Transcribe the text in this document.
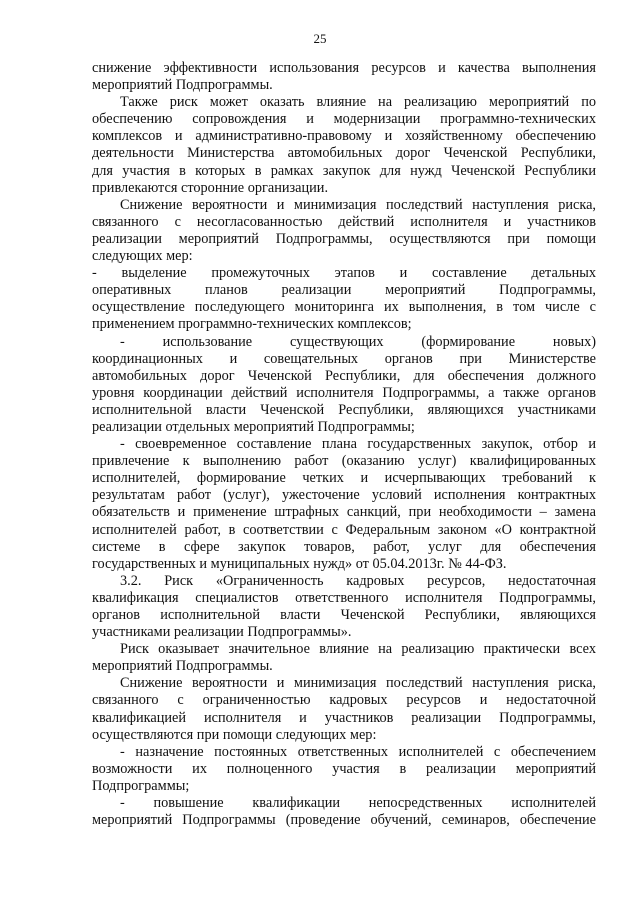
25
снижение эффективности использования ресурсов и качества выполнения
мероприятий Подпрограммы.
Также риск может оказать влияние на реализацию мероприятий по
обеспечению сопровождения и модернизации программно-технических
комплексов и административно-правовому и хозяйственному обеспечению
деятельности Министерства автомобильных дорог Чеченской Республики,
для участия в которых в рамках закупок для нужд Чеченской Республики
привлекаются сторонние организации.
Снижение вероятности и минимизация последствий наступления риска,
связанного с несогласованностью действий исполнителя и участников
реализации мероприятий Подпрограммы, осуществляются при помощи
следующих мер:
- выделение промежуточных этапов и составление детальных
оперативных планов реализации мероприятий Подпрограммы,
осуществление последующего мониторинга их выполнения, в том числе с
применением программно-технических комплексов;
- использование существующих (формирование новых)
координационных и совещательных органов при Министерстве
автомобильных дорог Чеченской Республики, для обеспечения должного
уровня координации действий исполнителя Подпрограммы, а также органов
исполнительной власти Чеченской Республики, являющихся участниками
реализации отдельных мероприятий Подпрограммы;
- своевременное составление плана государственных закупок, отбор и
привлечение к выполнению работ (оказанию услуг) квалифицированных
исполнителей, формирование четких и исчерпывающих требований к
результатам работ (услуг), ужесточение условий исполнения контрактных
обязательств и применение штрафных санкций, при необходимости – замена
исполнителей работ, в соответствии с Федеральным законом «О контрактной
системе в сфере закупок товаров, работ, услуг для обеспечения
государственных и муниципальных нужд» от 05.04.2013г. № 44-ФЗ.
3.2. Риск «Ограниченность кадровых ресурсов, недостаточная
квалификация специалистов ответственного исполнителя Подпрограммы,
органов исполнительной власти Чеченской Республики, являющихся
участниками реализации Подпрограммы».
Риск оказывает значительное влияние на реализацию практически всех
мероприятий Подпрограммы.
Снижение вероятности и минимизация последствий наступления риска,
связанного с ограниченностью кадровых ресурсов и недостаточной
квалификацией исполнителя и участников реализации Подпрограммы,
осуществляются при помощи следующих мер:
- назначение постоянных ответственных исполнителей с обеспечением
возможности их полноценного участия в реализации мероприятий
Подпрограммы;
- повышение квалификации непосредственных исполнителей
мероприятий Подпрограммы (проведение обучений, семинаров, обеспечение
